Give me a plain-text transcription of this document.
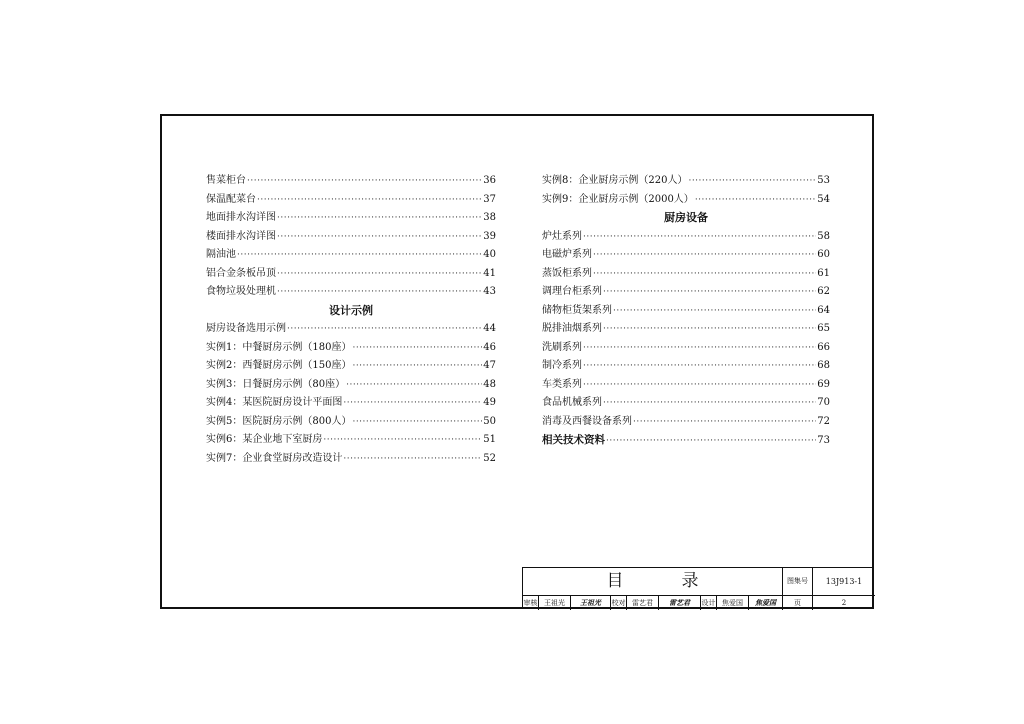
售菜柜台 ·····	36
保温配菜台 ·····	37
地面排水沟详图 ·····	38
楼面排水沟详图 ·····	39
隔油池 ·····	40
铝合金条板吊顶 ·····	41
食物垃圾处理机 ·····	43
设计示例
厨房设备选用示例 ·····	44
实例1：中餐厨房示例（180座） ·····	46
实例2：西餐厨房示例（150座） ·····	47
实例3：日餐厨房示例（80座） ·····	48
实例4：某医院厨房设计平面图 ·····	49
实例5：医院厨房示例（800人） ·····	50
实例6：某企业地下室厨房 ·····	51
实例7：企业食堂厨房改造设计 ·····	52
实例8：企业厨房示例（220人） ·····	53
实例9：企业厨房示例（2000人） ·····	54
厨房设备
炉灶系列 ·····	58
电磁炉系列 ·····	60
蒸饭柜系列 ·····	61
调理台柜系列 ·····	62
储物柜货架系列 ·····	64
脱排油烟系列 ·····	65
洗刷系列 ·····	66
制冷系列 ·····	68
车类系列 ·····	69
食品机械系列 ·····	70
消毒及西餐设备系列 ·····	72
相关技术资料 ·····	73
目录	图集号	13J913-1
审核 王祖光	王祖光	校对 雷艺君	雷艺君	设计 焦爱国	焦爱国	页	2
